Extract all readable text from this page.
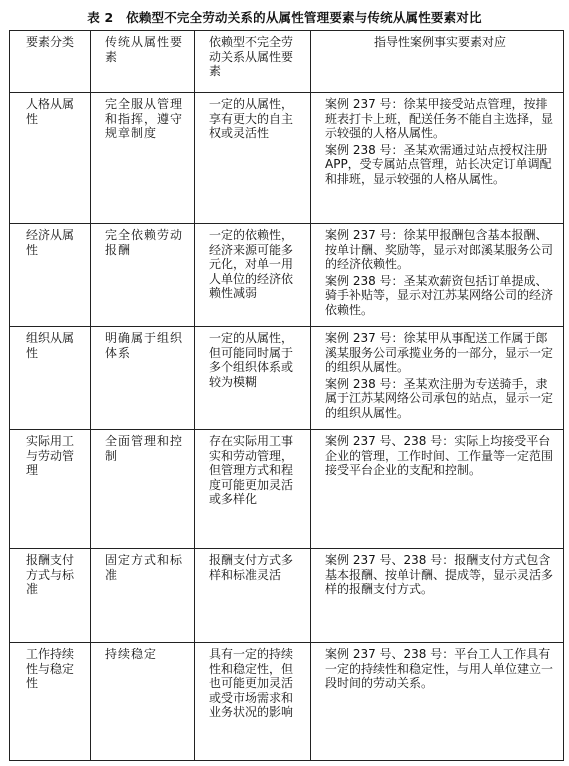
表 2　依赖型不完全劳动关系的从属性管理要素与传统从属性要素对比
要素分类	传统从属性要素	依赖型不完全劳动关系从属性要素	指导性案例事实要素对应

人格从属性	完全服从管理和指挥，遵守规章制度	一定的从属性，享有更大的自主权或灵活性	案例 237 号：徐某甲接受站点管理，按排班表打卡上班，配送任务不能自主选择，显示较强的人格从属性。
案例 238 号：圣某欢需通过站点授权注册 APP，受专属站点管理，站长决定订单调配和排班，显示较强的人格从属性。

经济从属性	完全依赖劳动报酬	一定的依赖性，经济来源可能多元化，对单一用人单位的经济依赖性减弱	案例 237 号：徐某甲报酬包含基本报酬、按单计酬、奖励等，显示对郎溪某服务公司的经济依赖性。
案例 238 号：圣某欢薪资包括订单提成、骑手补贴等，显示对江苏某网络公司的经济依赖性。

组织从属性	明确属于组织体系	一定的从属性，但可能同时属于多个组织体系或较为模糊	案例 237 号：徐某甲从事配送工作属于郎溪某服务公司承揽业务的一部分，显示一定的组织从属性。
案例 238 号：圣某欢注册为专送骑手，隶属于江苏某网络公司承包的站点，显示一定的组织从属性。

实际用工与劳动管理	全面管理和控制	存在实际用工事实和劳动管理，但管理方式和程度可能更加灵活或多样化	案例 237 号、238 号：实际上均接受平台企业的管理，工作时间、工作量等一定范围接受平台企业的支配和控制。

报酬支付方式与标准	固定方式和标准	报酬支付方式多样和标准灵活	案例 237 号、238 号：报酬支付方式包含基本报酬、按单计酬、提成等，显示灵活多样的报酬支付方式。

工作持续性与稳定性	持续稳定	具有一定的持续性和稳定性，但也可能更加灵活或受市场需求和业务状况的影响	案例 237 号、238 号：平台工人工作具有一定的持续性和稳定性，与用人单位建立一段时间的劳动关系。
